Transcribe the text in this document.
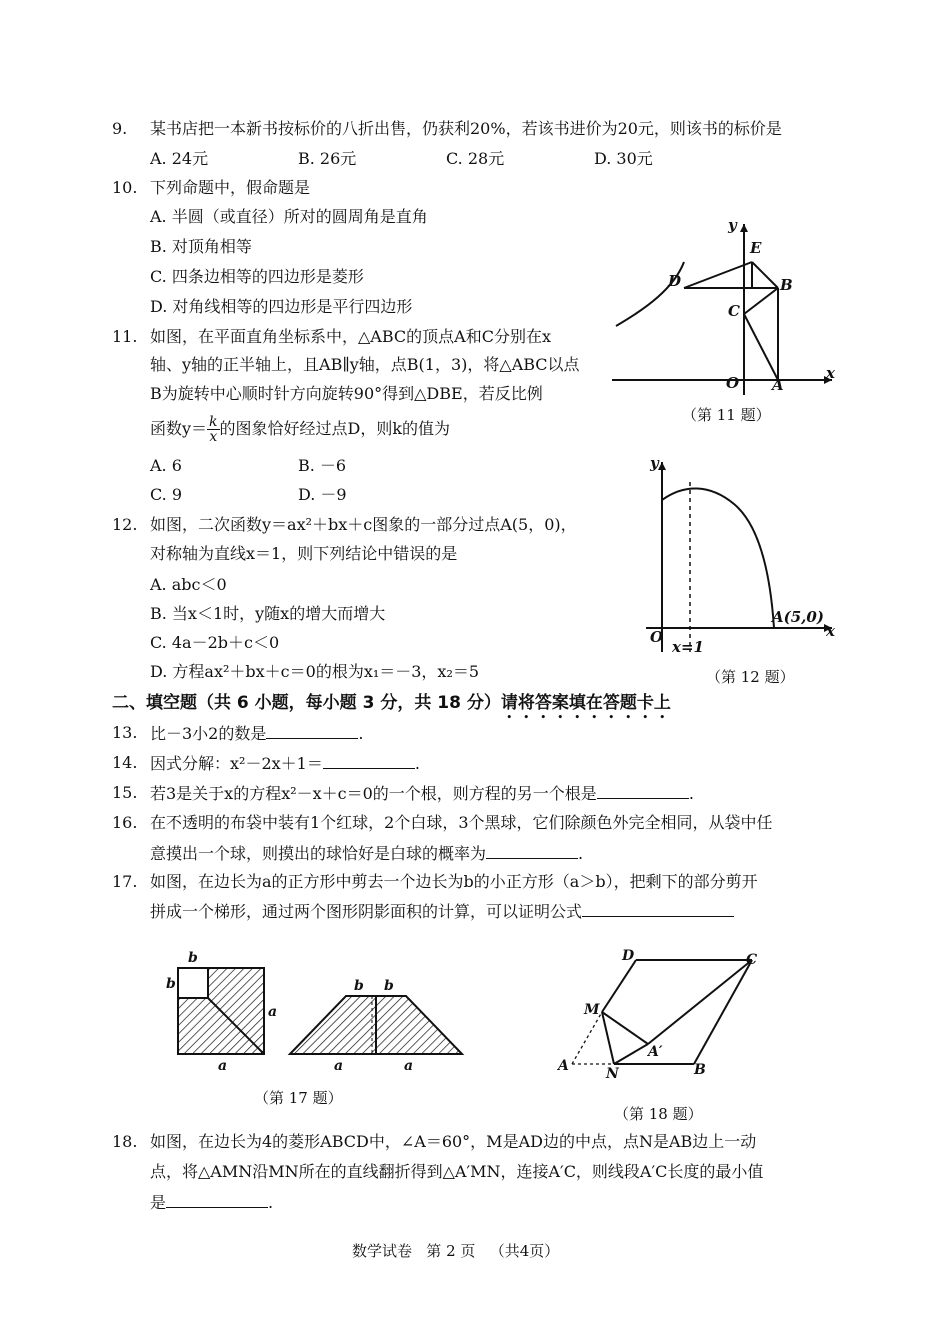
9. 某书店把一本新书按标价的八折出售，仍获利20%，若该书进价为20元，则该书的标价是
A. 24元	B. 26元	C. 28元	D. 30元
10. 下列命题中，假命题是
A. 半圆（或直径）所对的圆周角是直角
B. 对顶角相等
C. 四条边相等的四边形是菱形
D. 对角线相等的四边形是平行四边形
11. 如图，在平面直角坐标系中，△ABC的顶点A和C分别在x
轴、y轴的正半轴上，且AB∥y轴，点B(1，3)，将△ABC以点
B为旋转中心顺时针方向旋转90°得到△DBE，若反比例
函数$y= \frac{k}{x}$ 的图象恰好经过点D，则k的值为
A. 6	B. －6
C. 9	D. －9
y
x
E
D	B
C
O A
（第 11 题）
12. 如图，二次函数y＝ax²＋bx＋c图象的一部分过点A(5，0)，
对称轴为直线x＝1，则下列结论中错误的是
A. abc＜0
B. 当x＜1时，y随x的增大而增大
C. 4a－2b＋c＜0
D. 方程ax²＋bx＋c＝0的根为x₁＝－3，x₂＝5
y
x
O
x=1
A(5,0)
（第 12 题）
二、填空题（共 6 小题，每小题 3 分，共 18 分）请将答案填在答题卡上
13. 比－3小2的数是	.
14. 因式分解：x²－2x＋1＝	.
15. 若3是关于x的方程x²－x＋c＝0的一个根，则方程的另一个根是	.
16. 在不透明的布袋中装有1个红球，2个白球，3个黑球，它们除颜色外完全相同，从袋中任
意摸出一个球，则摸出的球恰好是白球的概率为	.
17. 如图，在边长为a的正方形中剪去一个边长为b的小正方形（a＞b），把剩下的部分剪开
拼成一个梯形，通过两个图形阴影面积的计算，可以证明公式
b
b
a
a
b b
a	a
（第 17 题）
D	C
M
A′
A	N	B
（第 18 题）
18. 如图，在边长为4的菱形ABCD中，∠A＝60°，M是AD边的中点，点N是AB边上一动
点，将△AMN沿MN所在的直线翻折得到△A′MN，连接A′C，则线段A′C长度的最小值
是	.
数学试卷   第 2 页   （共4页）
